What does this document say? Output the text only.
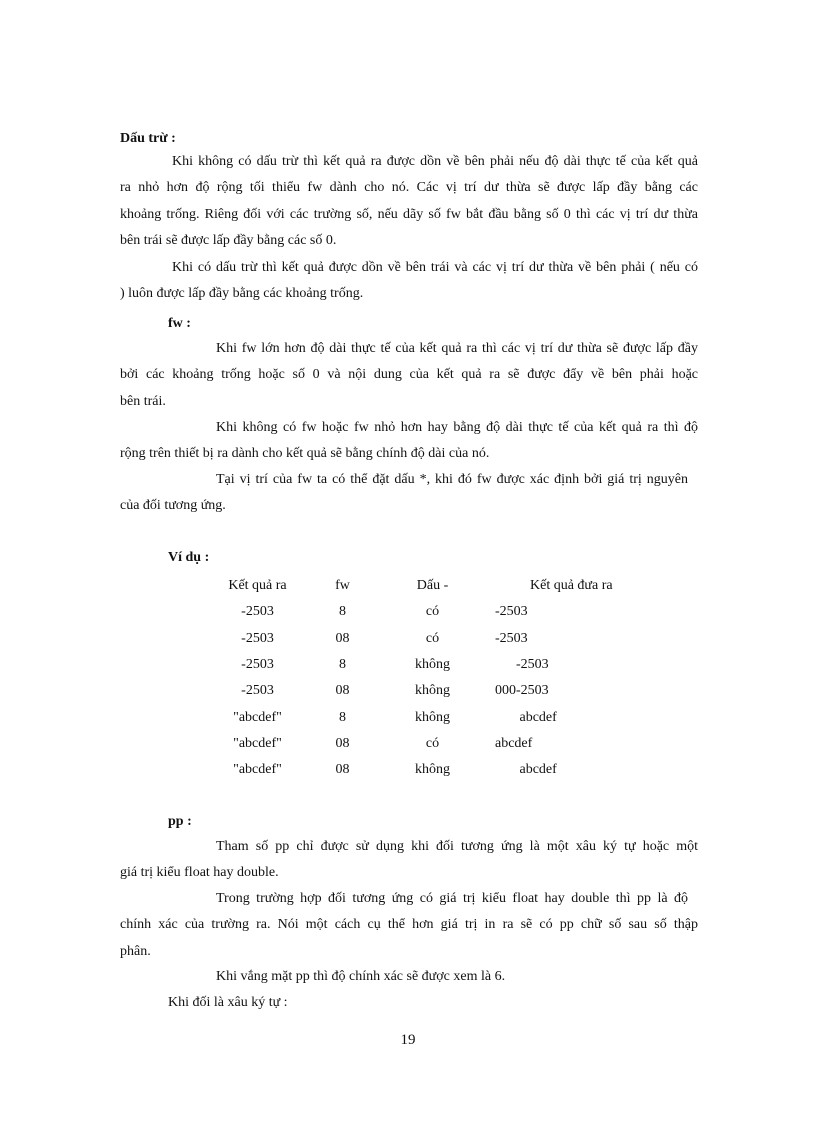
Dấu trừ :
Khi không có dấu trừ thì kết quả ra được dồn về bên phải nếu độ dài thực tế của kết quả
ra nhỏ hơn độ rộng tối thiểu fw dành cho nó. Các vị trí dư thừa sẽ được lấp đầy bằng các
khoảng trống. Riêng đối với các trường số, nếu dãy số fw bắt đầu bằng số 0 thì các vị trí dư thừa
bên trái sẽ được lấp đầy bằng các số 0.
Khi có dấu trừ thì kết quả được dồn về bên trái và các vị trí dư thừa về bên phải ( nếu có
) luôn được lấp đầy bằng các khoảng trống.
fw :
Khi fw lớn hơn độ dài thực tế của kết quả ra thì các vị trí dư thừa sẽ được lấp đầy
bởi các khoảng trống hoặc số 0 và nội dung của kết quả ra sẽ được đẩy về bên phải hoặc
bên trái.
Khi không có fw hoặc fw nhỏ hơn hay bằng độ dài thực tế của kết quả ra thì độ
rộng trên thiết bị ra dành cho kết quả sẽ bằng chính độ dài của nó.
Tại vị trí của fw ta có thể đặt dấu *, khi đó fw được xác định bởi giá trị nguyên
của đối tương ứng.
Ví dụ :
Kết quả ra	fw	Dấu -	Kết quả đưa ra
-2503	8	có	-2503
-2503	08	có	-2503
-2503	8	không	-2503
-2503	08	không	000-2503
"abcdef"	8	không	abcdef
"abcdef"	08	có	abcdef
"abcdef"	08	không	abcdef
pp :
Tham số pp chỉ được sử dụng khi đối tương ứng là một xâu ký tự hoặc một
giá trị kiểu float hay double.
Trong trường hợp đối tương ứng có giá trị kiểu float hay double thì pp là độ
chính xác của trường ra. Nói một cách cụ thể hơn giá trị in ra sẽ có pp chữ số sau số thập
phân.
Khi vắng mặt pp thì độ chính xác sẽ được xem là 6.
Khi đối là xâu ký tự :
19
